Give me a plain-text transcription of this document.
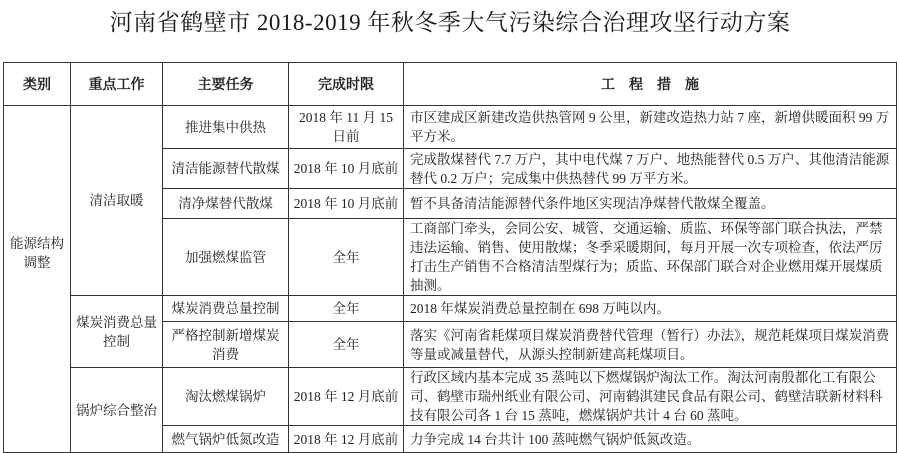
河南省鹤壁市 2018-2019 年秋冬季大气污染综合治理攻坚行动方案
类别	重点工作	主要任务	完成时限	工　程　措　施
能源结构调整	清洁取暖	推进集中供热	2018 年 11 月 15 日前	市区建成区新建改造供热管网 9 公里，新建改造热力站 7 座，新增供暖面积 99 万平方米。
		清洁能源替代散煤	2018 年 10 月底前	完成散煤替代 7.7 万户，其中电代煤 7 万户、地热能替代 0.5 万户、其他清洁能源替代 0.2 万户；完成集中供热替代 99 万平方米。
		清净煤替代散煤	2018 年 10 月底前	暂不具备清洁能源替代条件地区实现洁净煤替代散煤全覆盖。
		加强燃煤监管	全年	工商部门牵头，会同公安、城管、交通运输、质监、环保等部门联合执法，严禁违法运输、销售、使用散煤；冬季采暖期间，每月开展一次专项检查，依法严厉打击生产销售不合格清洁型煤行为；质监、环保部门联合对企业燃用煤开展煤质抽测。
	煤炭消费总量控制	煤炭消费总量控制	全年	2018 年煤炭消费总量控制在 698 万吨以内。
		严格控制新增煤炭消费	全年	落实《河南省耗煤项目煤炭消费替代管理（暂行）办法》，规范耗煤项目煤炭消费等量或减量替代，从源头控制新建高耗煤项目。
	锅炉综合整治	淘汰燃煤锅炉	2018 年 12 月底前	行政区域内基本完成 35 蒸吨以下燃煤锅炉淘汰工作。淘汰河南殷都化工有限公司、鹤壁市瑞州纸业有限公司、河南鹤淇建民食品有限公司、鹤壁洁联新材料科技有限公司各 1 台 15 蒸吨，燃煤锅炉共计 4 台 60 蒸吨。
		燃气锅炉低氮改造	2018 年 12 月底前	力争完成 14 台共计 100 蒸吨燃气锅炉低氮改造。
